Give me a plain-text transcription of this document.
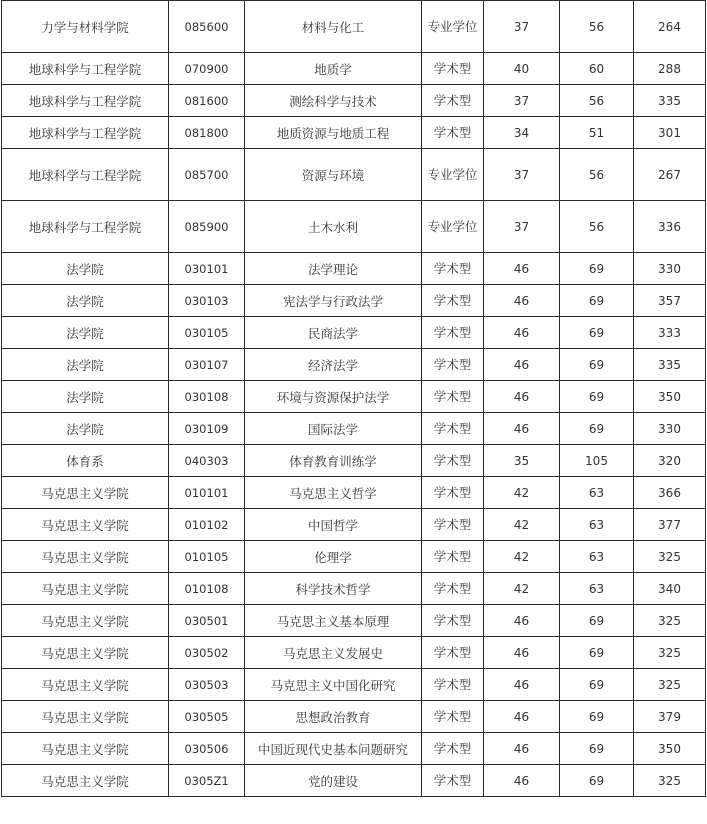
力学与材料学院	085600	材料与化工	专业学位	37	56	264
地球科学与工程学院	070900	地质学	学术型	40	60	288
地球科学与工程学院	081600	测绘科学与技术	学术型	37	56	335
地球科学与工程学院	081800	地质资源与地质工程	学术型	34	51	301
地球科学与工程学院	085700	资源与环境	专业学位	37	56	267
地球科学与工程学院	085900	土木水利	专业学位	37	56	336
法学院	030101	法学理论	学术型	46	69	330
法学院	030103	宪法学与行政法学	学术型	46	69	357
法学院	030105	民商法学	学术型	46	69	333
法学院	030107	经济法学	学术型	46	69	335
法学院	030108	环境与资源保护法学	学术型	46	69	350
法学院	030109	国际法学	学术型	46	69	330
体育系	040303	体育教育训练学	学术型	35	105	320
马克思主义学院	010101	马克思主义哲学	学术型	42	63	366
马克思主义学院	010102	中国哲学	学术型	42	63	377
马克思主义学院	010105	伦理学	学术型	42	63	325
马克思主义学院	010108	科学技术哲学	学术型	42	63	340
马克思主义学院	030501	马克思主义基本原理	学术型	46	69	325
马克思主义学院	030502	马克思主义发展史	学术型	46	69	325
马克思主义学院	030503	马克思主义中国化研究	学术型	46	69	325
马克思主义学院	030505	思想政治教育	学术型	46	69	379
马克思主义学院	030506	中国近现代史基本问题研究	学术型	46	69	350
马克思主义学院	0305Z1	党的建设	学术型	46	69	325
